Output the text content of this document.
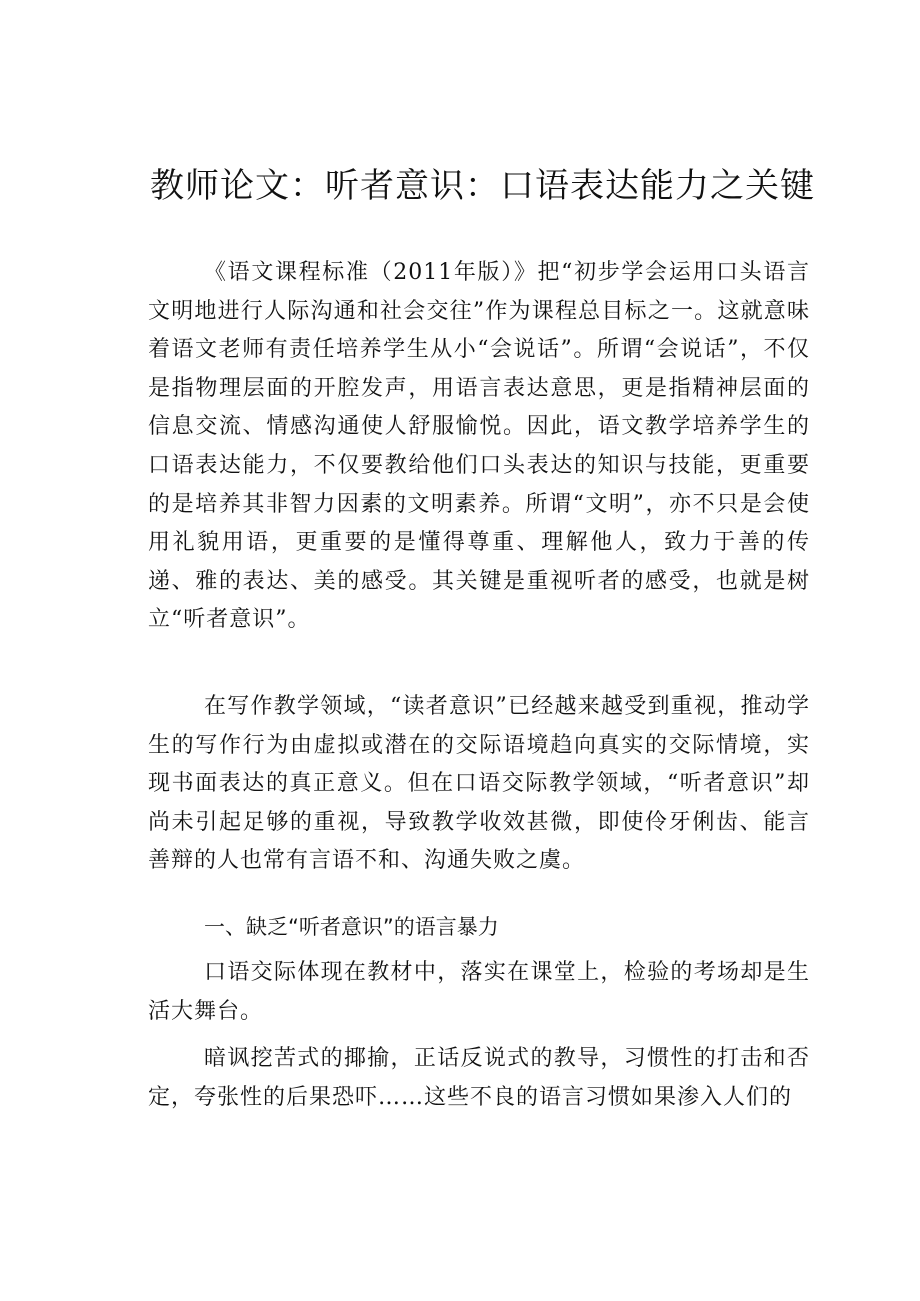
教师论文：听者意识：口语表达能力之关键

《语文课程标准（2011年版）》把“初步学会运用口头语言文明地进行人际沟通和社会交往”作为课程总目标之一。这就意味着语文老师有责任培养学生从小“会说话”。所谓“会说话”，不仅是指物理层面的开腔发声，用语言表达意思，更是指精神层面的信息交流、情感沟通使人舒服愉悦。因此，语文教学培养学生的口语表达能力，不仅要教给他们口头表达的知识与技能，更重要的是培养其非智力因素的文明素养。所谓“文明”，亦不只是会使用礼貌用语，更重要的是懂得尊重、理解他人，致力于善的传递、雅的表达、美的感受。其关键是重视听者的感受，也就是树立“听者意识”。

在写作教学领域，“读者意识”已经越来越受到重视，推动学生的写作行为由虚拟或潜在的交际语境趋向真实的交际情境，实现书面表达的真正意义。但在口语交际教学领域，“听者意识”却尚未引起足够的重视，导致教学收效甚微，即使伶牙俐齿、能言善辩的人也常有言语不和、沟通失败之虞。

一、缺乏“听者意识”的语言暴力

口语交际体现在教材中，落实在课堂上，检验的考场却是生活大舞台。

暗讽挖苦式的揶揄，正话反说式的教导，习惯性的打击和否定，夸张性的后果恐吓……这些不良的语言习惯如果渗入人们的
